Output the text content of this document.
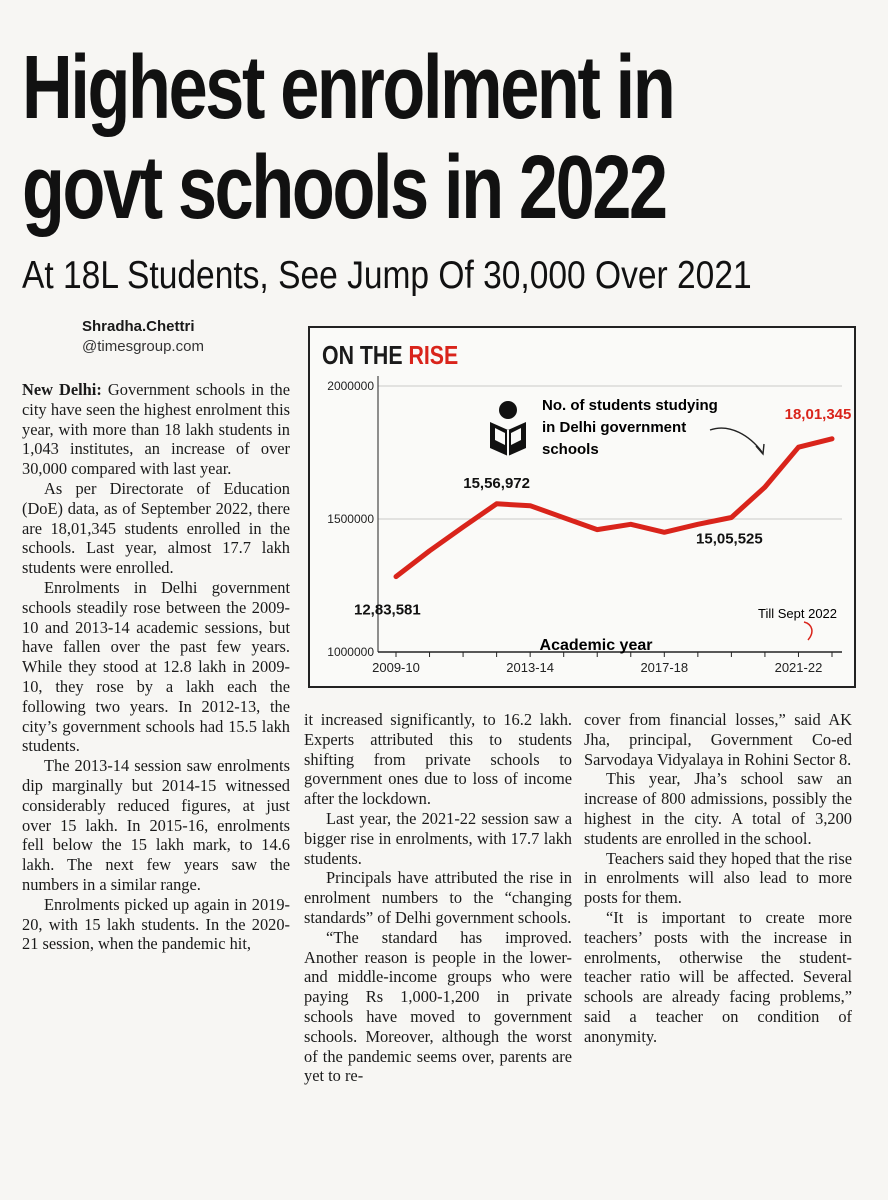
Highest enrolment in
govt schools in 2022
At 18L Students, See Jump Of 30,000 Over 2021
Shradha.Chettri
@timesgroup.com

New Delhi: Government schools in the city have seen the highest enrolment this year, with more than 18 lakh students in 1,043 institutes, an increase of over 30,000 compared with last year.

As per Directorate of Education (DoE) data, as of September 2022, there are 18,01,345 students enrolled in the schools. Last year, almost 17.7 lakh students were enrolled.

Enrolments in Delhi government schools steadily rose between the 2009-10 and 2013-14 academic sessions, but have fallen over the past few years. While they stood at 12.8 lakh in 2009-10, they rose by a lakh each the following two years. In 2012-13, the city’s government schools had 15.5 lakh students.

The 2013-14 session saw enrolments dip marginally but 2014-15 witnessed considerably reduced figures, at just over 15 lakh. In 2015-16, enrolments fell below the 15 lakh mark, to 14.6 lakh. The next few years saw the numbers in a similar range.

Enrolments picked up again in 2019-20, with 15 lakh students. In the 2020-21 session, when the pandemic hit,

it increased significantly, to 16.2 lakh. Experts attributed this to students shifting from private schools to government ones due to loss of income after the lockdown.

Last year, the 2021-22 session saw a bigger rise in enrolments, with 17.7 lakh students.

Principals have attributed the rise in enrolment numbers to the “changing standards” of Delhi government schools.

“The standard has improved. Another reason is people in the lower- and middle-income groups who were paying Rs 1,000-1,200 in private schools have moved to government schools. Moreover, although the worst of the pandemic seems over, parents are yet to re-

cover from financial losses,” said AK Jha, principal, Government Co-ed Sarvodaya Vidyalaya in Rohini Sector 8.

This year, Jha’s school saw an increase of 800 admissions, possibly the highest in the city. A total of 3,200 students are enrolled in the school.

Teachers said they hoped that the rise in enrolments will also lead to more posts for them.

“It is important to create more teachers’ posts with the increase in enrolments, otherwise the student-teacher ratio will be affected. Several schools are already facing problems,” said a teacher on condition of anonymity.

ON THE RISE
2000000
1500000
1000000
2009-10	2013-14	2017-18	2021-22
12,83,581
15,56,972
15,05,525
18,01,345
No. of students studying
in Delhi government
schools
Till Sept 2022
Academic year
